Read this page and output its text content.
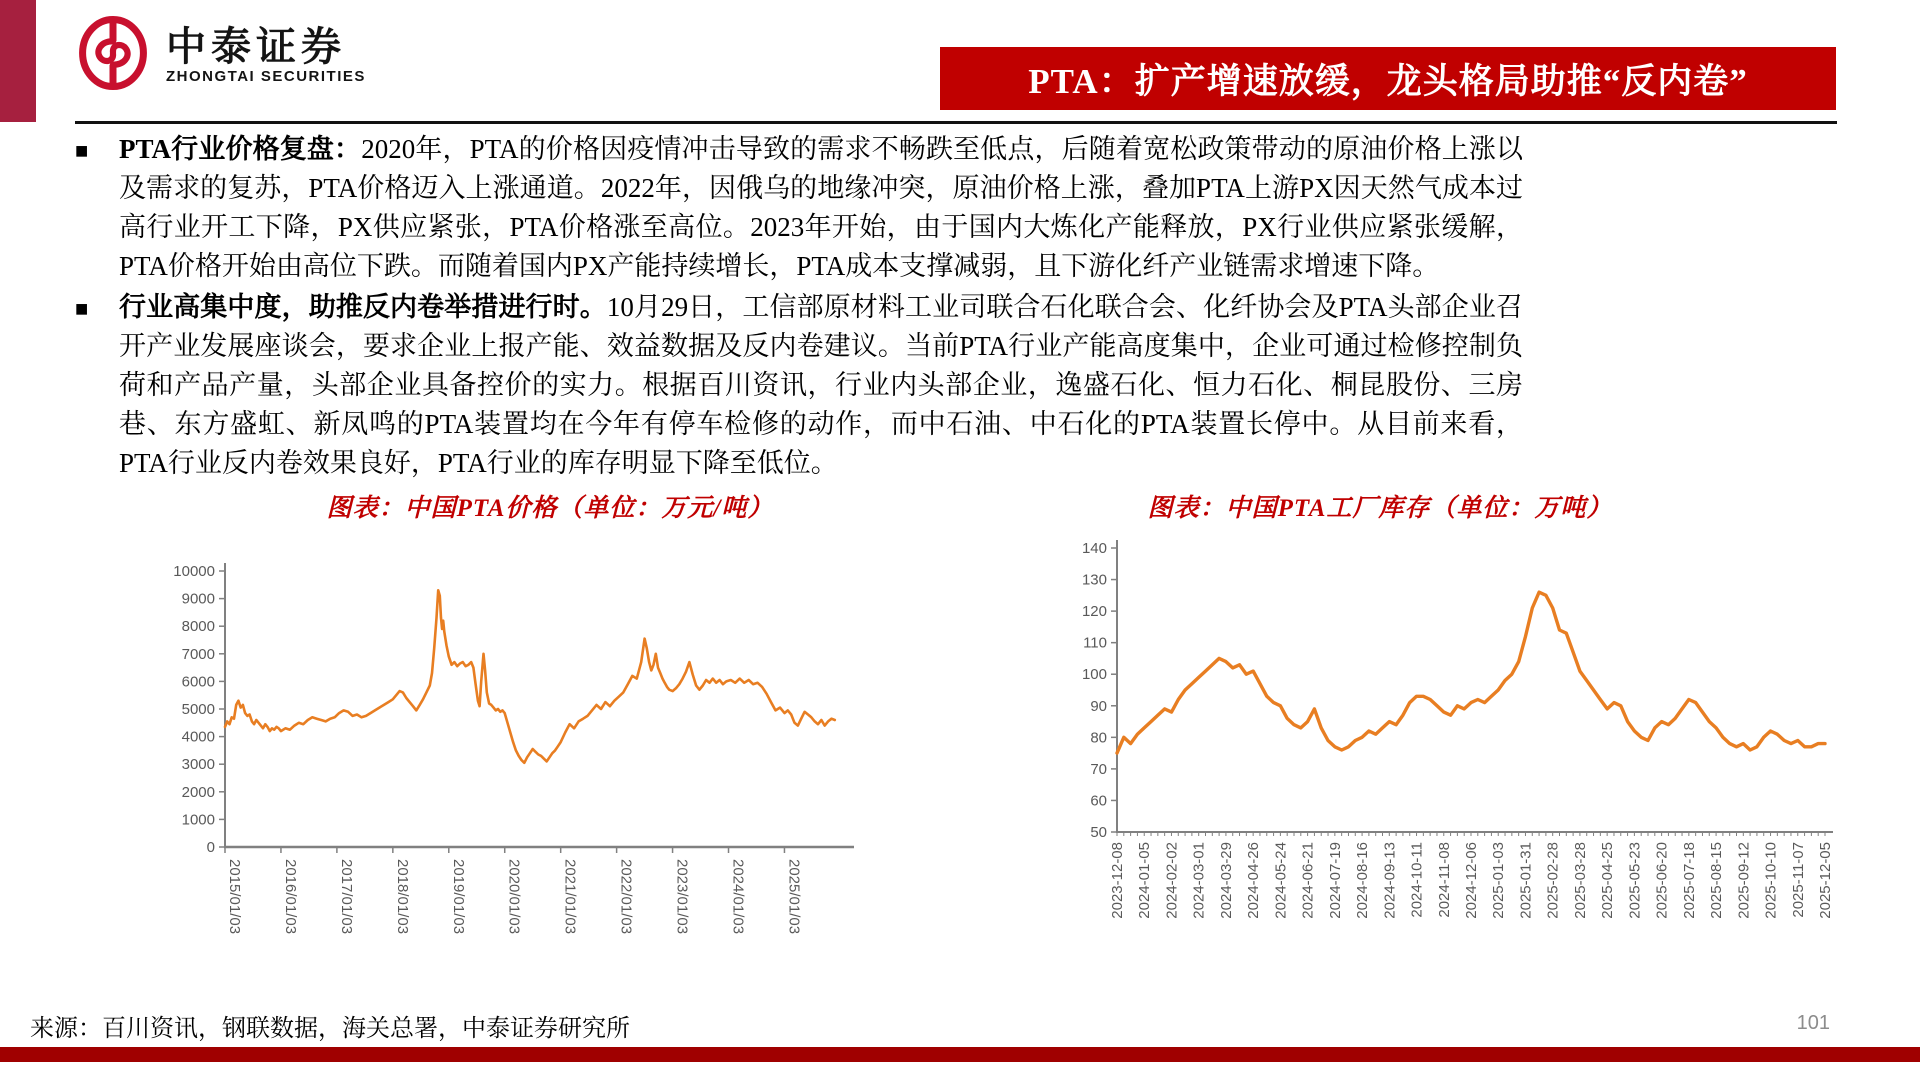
中泰证券
ZHONGTAI SECURITIES	PTA：扩产增速放缓，龙头格局助推“反内卷”
■ PTA行业价格复盘：2020年，PTA的价格因疫情冲击导致的需求不畅跌至低点，后随着宽松政策带动的原油价格上涨以及需求的复苏，PTA价格迈入上涨通道。2022年，因俄乌的地缘冲突，原油价格上涨，叠加PTA上游PX因天然气成本过高行业开工下降，PX供应紧张，PTA价格涨至高位。2023年开始，由于国内大炼化产能释放，PX行业供应紧张缓解，PTA价格开始由高位下跌。而随着国内PX产能持续增长，PTA成本支撑减弱，且下游化纤产业链需求增速下降。
■ 行业高集中度，助推反内卷举措进行时。10月29日，工信部原材料工业司联合石化联合会、化纤协会及PTA头部企业召开产业发展座谈会，要求企业上报产能、效益数据及反内卷建议。当前PTA行业产能高度集中，企业可通过检修控制负荷和产品产量，头部企业具备控价的实力。根据百川资讯，行业内头部企业，逸盛石化、恒力石化、桐昆股份、三房巷、东方盛虹、新凤鸣的PTA装置均在今年有停车检修的动作，而中石油、中石化的PTA装置长停中。从目前来看，PTA行业反内卷效果良好，PTA行业的库存明显下降至低位。
图表：中国PTA价格（单位：万元/吨）	图表：中国PTA工厂库存（单位：万吨）
0
1000
2000
3000
4000
5000
6000
7000
8000
9000
10000
2015/01/03	2016/01/03	2017/01/03	2018/01/03	2019/01/03	2020/01/03	2021/01/03	2022/01/03	2023/01/03	2024/01/03	2025/01/03
50
60
70
80
90
100
110
120
130
140
2023-12-08 2024-01-05 2024-02-02 2024-03-01 2024-03-29 2024-04-26 2024-05-24 2024-06-21 2024-07-19 2024-08-16 2024-09-13 2024-10-11 2024-11-08 2024-12-06 2025-01-03 2025-01-31 2025-02-28 2025-03-28 2025-04-25 2025-05-23 2025-06-20 2025-07-18 2025-08-15 2025-09-12 2025-10-10 2025-11-07 2025-12-05
来源：百川资讯，钢联数据，海关总署，中泰证券研究所	101
